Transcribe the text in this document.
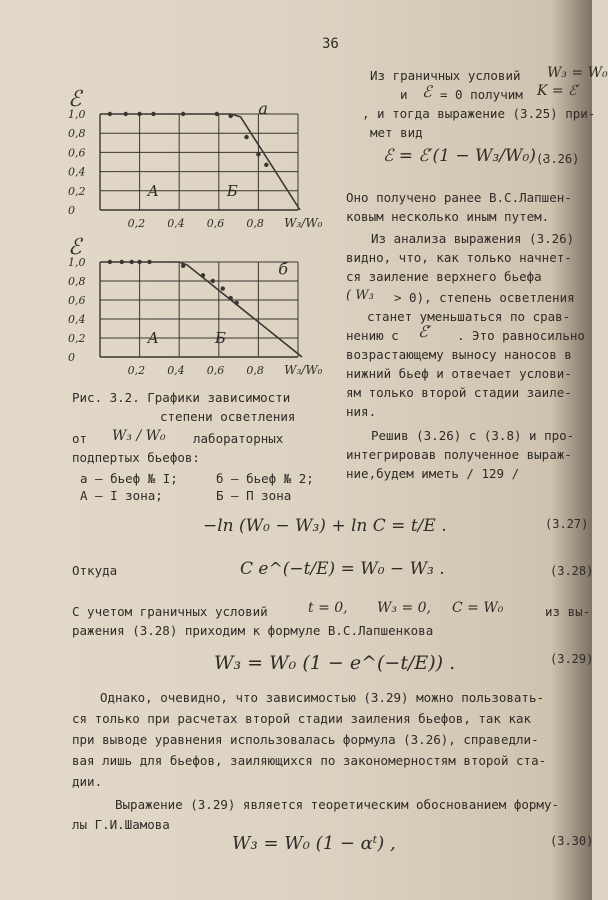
36
Из граничных условий W₃ = W₀
и ℰ = 0 получим K = ℰ′
, и тогда выражение (3.25) при-
мет вид
ℰ = ℰ′(1 − W₃/W₀) .
(3.26)
Оно получено ранее В.С.Лапшен-
ковым несколько иным путем.
Из анализа выражения (3.26)
видно, что, как только начнет-
ся заиление верхнего бьефа
( W₃ > 0), степень осветления
станет уменьшаться по срав-
нению с ℰ′ . Это равносильно
возрастающему выносу наносов в
нижний бьеф и отвечает услови-
ям только второй стадии заиле-
ния.
Решив (3.26) с (3.8) и про-
интегрировав полученное выраж-
ние,будем иметь / 129 /
1,0
0,8
0,6
0,4
0,2
0
0,2 0,4 0,6 0,8 W₃/W₀
ℰ
А	Б
а
1,0
0,8
0,6
0,4
0,2
0
0,2 0,4 0,6 0,8 W₃/W₀
ℰ
А	Б
б
Рис. 3.2. Графики зависимости
степени осветления
от W₃ / W₀ лабораторных
подпертых бьефов:
а – бьеф № I;	б – бьеф № 2;
А – I зона;	Б – П зона
−ln (W₀ − W₃) + ln C = t/E .	(3.27)
Откуда	C e^(−t/E) = W₀ − W₃ .	(3.28)
С учетом граничных условий	t = 0, W₃ = 0, C = W₀	из вы-
ражения (3.28) приходим к формуле В.С.Лапшенкова
W₃ = W₀ (1 − e^(−t/E)) .	(3.29)
Однако, очевидно, что зависимостью (3.29) можно пользовать-
ся только при расчетах второй стадии заиления бьефов, так как
при выводе уравнения использовалась формула (3.26), справедли-
вая лишь для бьефов, заиляющихся по закономерностям второй ста-
дии.
Выражение (3.29) является теоретическим обоснованием форму-
лы Г.И.Шамова
W₃ = W₀ (1 − αᵗ) ,	(3.30)
